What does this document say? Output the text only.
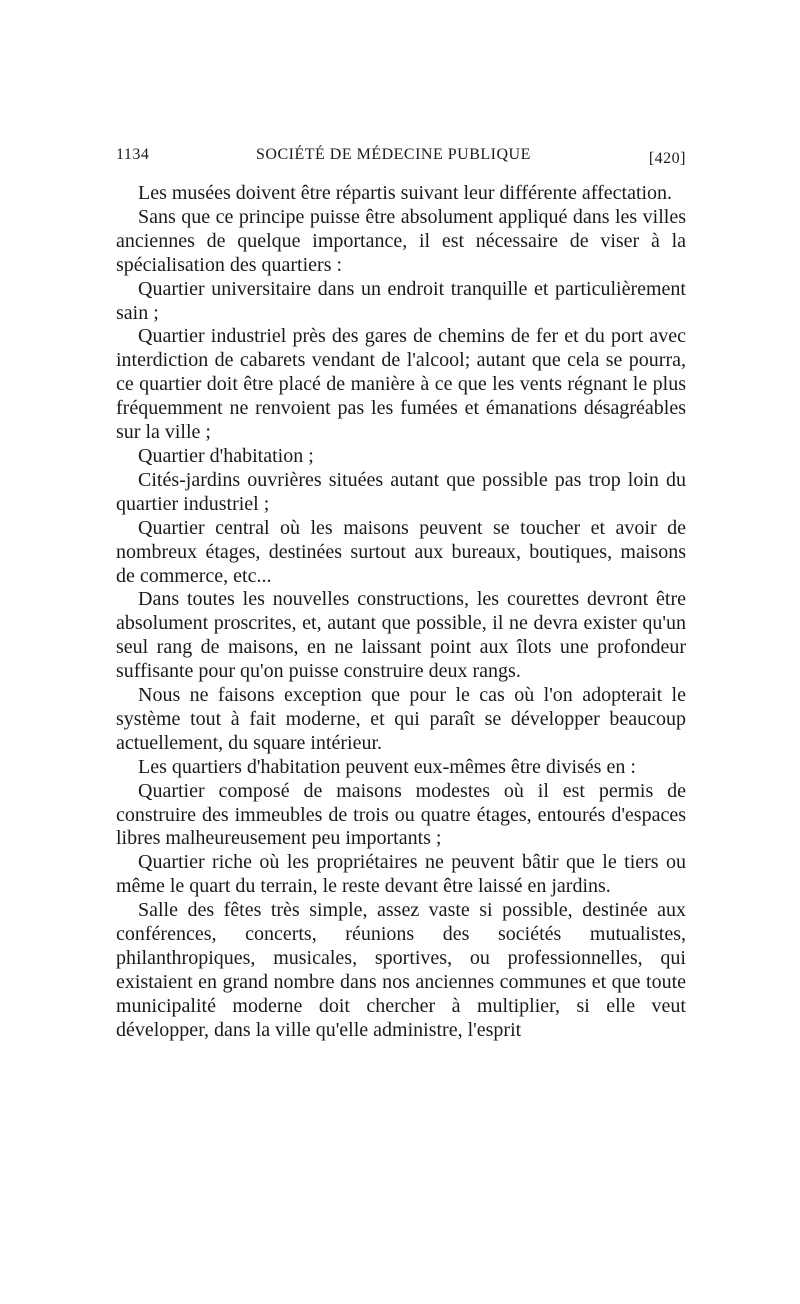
1134	SOCIÉTÉ DE MÉDECINE PUBLIQUE	[420]

Les musées doivent être répartis suivant leur différente affectation.

Sans que ce principe puisse être absolument appliqué dans les villes anciennes de quelque importance, il est nécessaire de viser à la spécialisation des quartiers :

Quartier universitaire dans un endroit tranquille et particulièrement sain ;

Quartier industriel près des gares de chemins de fer et du port avec interdiction de cabarets vendant de l'alcool; autant que cela se pourra, ce quartier doit être placé de manière à ce que les vents régnant le plus fréquemment ne renvoient pas les fumées et émanations désagréables sur la ville ;

Quartier d'habitation ;

Cités-jardins ouvrières situées autant que possible pas trop loin du quartier industriel ;

Quartier central où les maisons peuvent se toucher et avoir de nombreux étages, destinées surtout aux bureaux, boutiques, maisons de commerce, etc...

Dans toutes les nouvelles constructions, les courettes devront être absolument proscrites, et, autant que possible, il ne devra exister qu'un seul rang de maisons, en ne laissant point aux îlots une profondeur suffisante pour qu'on puisse construire deux rangs.

Nous ne faisons exception que pour le cas où l'on adopterait le système tout à fait moderne, et qui paraît se développer beaucoup actuellement, du square intérieur.

Les quartiers d'habitation peuvent eux-mêmes être divisés en :

Quartier composé de maisons modestes où il est permis de construire des immeubles de trois ou quatre étages, entourés d'espaces libres malheureusement peu importants ;

Quartier riche où les propriétaires ne peuvent bâtir que le tiers ou même le quart du terrain, le reste devant être laissé en jardins.

Salle des fêtes très simple, assez vaste si possible, destinée aux conférences, concerts, réunions des sociétés mutualistes, philanthropiques, musicales, sportives, ou professionnelles, qui existaient en grand nombre dans nos anciennes communes et que toute municipalité moderne doit chercher à multiplier, si elle veut développer, dans la ville qu'elle administre, l'esprit
